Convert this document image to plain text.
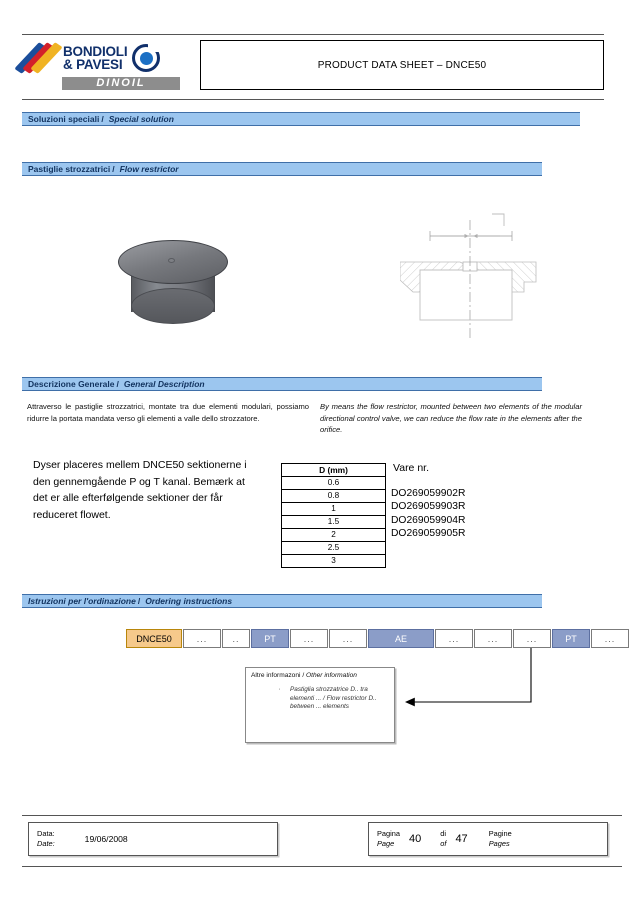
BONDIOLI
& PAVESI
DINOIL
PRODUCT DATA SHEET – DNCE50
Soluzioni speciali / Special solution
Pastiglie strozzatrici / Flow restrictor
Descrizione Generale / General Description
Attraverso le pastiglie strozzatrici, montate tra due elementi modulari, possiamo ridurre la portata mandata verso gli elementi a valle dello strozzatore.
By means the flow restrictor, mounted between two elements of the modular directional control valve, we can reduce the flow rate in the elements after the orifice.
Dyser placeres mellem DNCE50 sektionerne i den gennemgående P og T kanal. Bemærk at det er alle efterfølgende sektioner der får reduceret flowet.
D (mm)
0.6
0.8
1
1.5
2
2.5
3
Vare nr.
DO269059902R
DO269059903R
DO269059904R
DO269059905R
Istruzioni per l'ordinazione / Ordering instructions
DNCE50	...	..	PT	...	...	AE	...	...	...	PT	...
Altre informazoni / Other information
'	Pastiglia strozzatrice D.. tra elementi ... / Flow restrictor D.. between ... elements
Data:
Date:	19/06/2008
Pagina
Page	40	di
of 47	Pagine
Pages
